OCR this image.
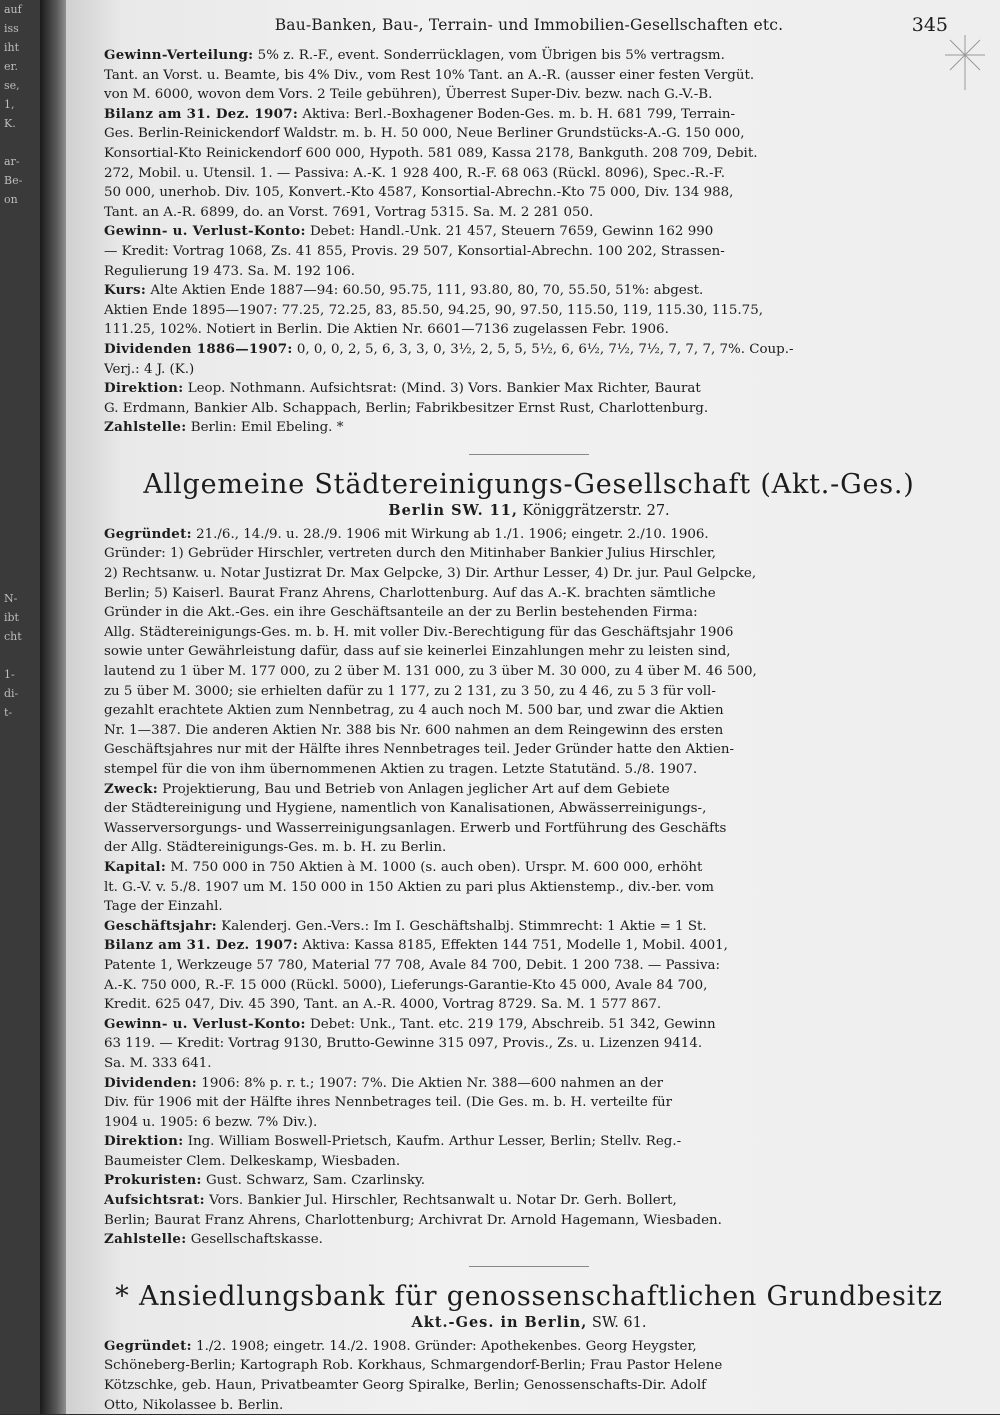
auf
iss
iht
er.
se,
1,
K.
ar-
Be-
on
N-
ibt
cht
1-
di-
t-
Bau-Banken, Bau-, Terrain- und Immobilien-Gesellschaften etc.	345

Gewinn-Verteilung: 5% z. R.-F., event. Sonderrücklagen, vom Übrigen bis 5% vertragsm.

Tant. an Vorst. u. Beamte, bis 4% Div., vom Rest 10% Tant. an A.-R. (ausser einer festen Vergüt.

von M. 6000, wovon dem Vors. 2 Teile gebühren), Überrest Super-Div. bezw. nach G.-V.-B.

Bilanz am 31. Dez. 1907: Aktiva: Berl.-Boxhagener Boden-Ges. m. b. H. 681 799, Terrain-

Ges. Berlin-Reinickendorf Waldstr. m. b. H. 50 000, Neue Berliner Grundstücks-A.-G. 150 000,

Konsortial-Kto Reinickendorf 600 000, Hypoth. 581 089, Kassa 2178, Bankguth. 208 709, Debit.

272, Mobil. u. Utensil. 1. — Passiva: A.-K. 1 928 400, R.-F. 68 063 (Rückl. 8096), Spec.-R.-F.

50 000, unerhob. Div. 105, Konvert.-Kto 4587, Konsortial-Abrechn.-Kto 75 000, Div. 134 988,

Tant. an A.-R. 6899, do. an Vorst. 7691, Vortrag 5315. Sa. M. 2 281 050.

Gewinn- u. Verlust-Konto: Debet: Handl.-Unk. 21 457, Steuern 7659, Gewinn 162 990

— Kredit: Vortrag 1068, Zs. 41 855, Provis. 29 507, Konsortial-Abrechn. 100 202, Strassen-

Regulierung 19 473. Sa. M. 192 106.

Kurs: Alte Aktien Ende 1887—94: 60.50, 95.75, 111, 93.80, 80, 70, 55.50, 51%: abgest.

Aktien Ende 1895—1907: 77.25, 72.25, 83, 85.50, 94.25, 90, 97.50, 115.50, 119, 115.30, 115.75,

111.25, 102%. Notiert in Berlin. Die Aktien Nr. 6601—7136 zugelassen Febr. 1906.

Dividenden 1886—1907: 0, 0, 0, 2, 5, 6, 3, 3, 0, 3½, 2, 5, 5, 5½, 6, 6½, 7½, 7½, 7, 7, 7, 7%. Coup.-

Verj.: 4 J. (K.)

Direktion: Leop. Nothmann. Aufsichtsrat: (Mind. 3) Vors. Bankier Max Richter, Baurat

G. Erdmann, Bankier Alb. Schappach, Berlin; Fabrikbesitzer Ernst Rust, Charlottenburg.

Zahlstelle: Berlin: Emil Ebeling. *

Allgemeine Städtereinigungs-Gesellschaft (Akt.-Ges.)
Berlin SW. 11, Königgrätzerstr. 27.

Gegründet: 21./6., 14./9. u. 28./9. 1906 mit Wirkung ab 1./1. 1906; eingetr. 2./10. 1906.

Gründer: 1) Gebrüder Hirschler, vertreten durch den Mitinhaber Bankier Julius Hirschler,

2) Rechtsanw. u. Notar Justizrat Dr. Max Gelpcke, 3) Dir. Arthur Lesser, 4) Dr. jur. Paul Gelpcke,

Berlin; 5) Kaiserl. Baurat Franz Ahrens, Charlottenburg. Auf das A.-K. brachten sämtliche

Gründer in die Akt.-Ges. ein ihre Geschäftsanteile an der zu Berlin bestehenden Firma:

Allg. Städtereinigungs-Ges. m. b. H. mit voller Div.-Berechtigung für das Geschäftsjahr 1906

sowie unter Gewährleistung dafür, dass auf sie keinerlei Einzahlungen mehr zu leisten sind,

lautend zu 1 über M. 177 000, zu 2 über M. 131 000, zu 3 über M. 30 000, zu 4 über M. 46 500,

zu 5 über M. 3000; sie erhielten dafür zu 1 177, zu 2 131, zu 3 50, zu 4 46, zu 5 3 für voll-

gezahlt erachtete Aktien zum Nennbetrag, zu 4 auch noch M. 500 bar, und zwar die Aktien

Nr. 1—387. Die anderen Aktien Nr. 388 bis Nr. 600 nahmen an dem Reingewinn des ersten

Geschäftsjahres nur mit der Hälfte ihres Nennbetrages teil. Jeder Gründer hatte den Aktien-

stempel für die von ihm übernommenen Aktien zu tragen. Letzte Statutänd. 5./8. 1907.

Zweck: Projektierung, Bau und Betrieb von Anlagen jeglicher Art auf dem Gebiete

der Städtereinigung und Hygiene, namentlich von Kanalisationen, Abwässerreinigungs-,

Wasserversorgungs- und Wasserreinigungsanlagen. Erwerb und Fortführung des Geschäfts

der Allg. Städtereinigungs-Ges. m. b. H. zu Berlin.

Kapital: M. 750 000 in 750 Aktien à M. 1000 (s. auch oben). Urspr. M. 600 000, erhöht

lt. G.-V. v. 5./8. 1907 um M. 150 000 in 150 Aktien zu pari plus Aktienstemp., div.-ber. vom

Tage der Einzahl.

Geschäftsjahr: Kalenderj. Gen.-Vers.: Im I. Geschäftshalbj. Stimmrecht: 1 Aktie = 1 St.

Bilanz am 31. Dez. 1907: Aktiva: Kassa 8185, Effekten 144 751, Modelle 1, Mobil. 4001,

Patente 1, Werkzeuge 57 780, Material 77 708, Avale 84 700, Debit. 1 200 738. — Passiva:

A.-K. 750 000, R.-F. 15 000 (Rückl. 5000), Lieferungs-Garantie-Kto 45 000, Avale 84 700,

Kredit. 625 047, Div. 45 390, Tant. an A.-R. 4000, Vortrag 8729. Sa. M. 1 577 867.

Gewinn- u. Verlust-Konto: Debet: Unk., Tant. etc. 219 179, Abschreib. 51 342, Gewinn

63 119. — Kredit: Vortrag 9130, Brutto-Gewinne 315 097, Provis., Zs. u. Lizenzen 9414.

Sa. M. 333 641.

Dividenden: 1906: 8% p. r. t.; 1907: 7%. Die Aktien Nr. 388—600 nahmen an der

Div. für 1906 mit der Hälfte ihres Nennbetrages teil. (Die Ges. m. b. H. verteilte für

1904 u. 1905: 6 bezw. 7% Div.).

Direktion: Ing. William Boswell-Prietsch, Kaufm. Arthur Lesser, Berlin; Stellv. Reg.-

Baumeister Clem. Delkeskamp, Wiesbaden.

Prokuristen: Gust. Schwarz, Sam. Czarlinsky.

Aufsichtsrat: Vors. Bankier Jul. Hirschler, Rechtsanwalt u. Notar Dr. Gerh. Bollert,

Berlin; Baurat Franz Ahrens, Charlottenburg; Archivrat Dr. Arnold Hagemann, Wiesbaden.

Zahlstelle: Gesellschaftskasse.

* Ansiedlungsbank für genossenschaftlichen Grundbesitz
Akt.-Ges. in Berlin, SW. 61.

Gegründet: 1./2. 1908; eingetr. 14./2. 1908. Gründer: Apothekenbes. Georg Heygster,

Schöneberg-Berlin; Kartograph Rob. Korkhaus, Schmargendorf-Berlin; Frau Pastor Helene

Kötzschke, geb. Haun, Privatbeamter Georg Spiralke, Berlin; Genossenschafts-Dir. Adolf

Otto, Nikolassee b. Berlin.
